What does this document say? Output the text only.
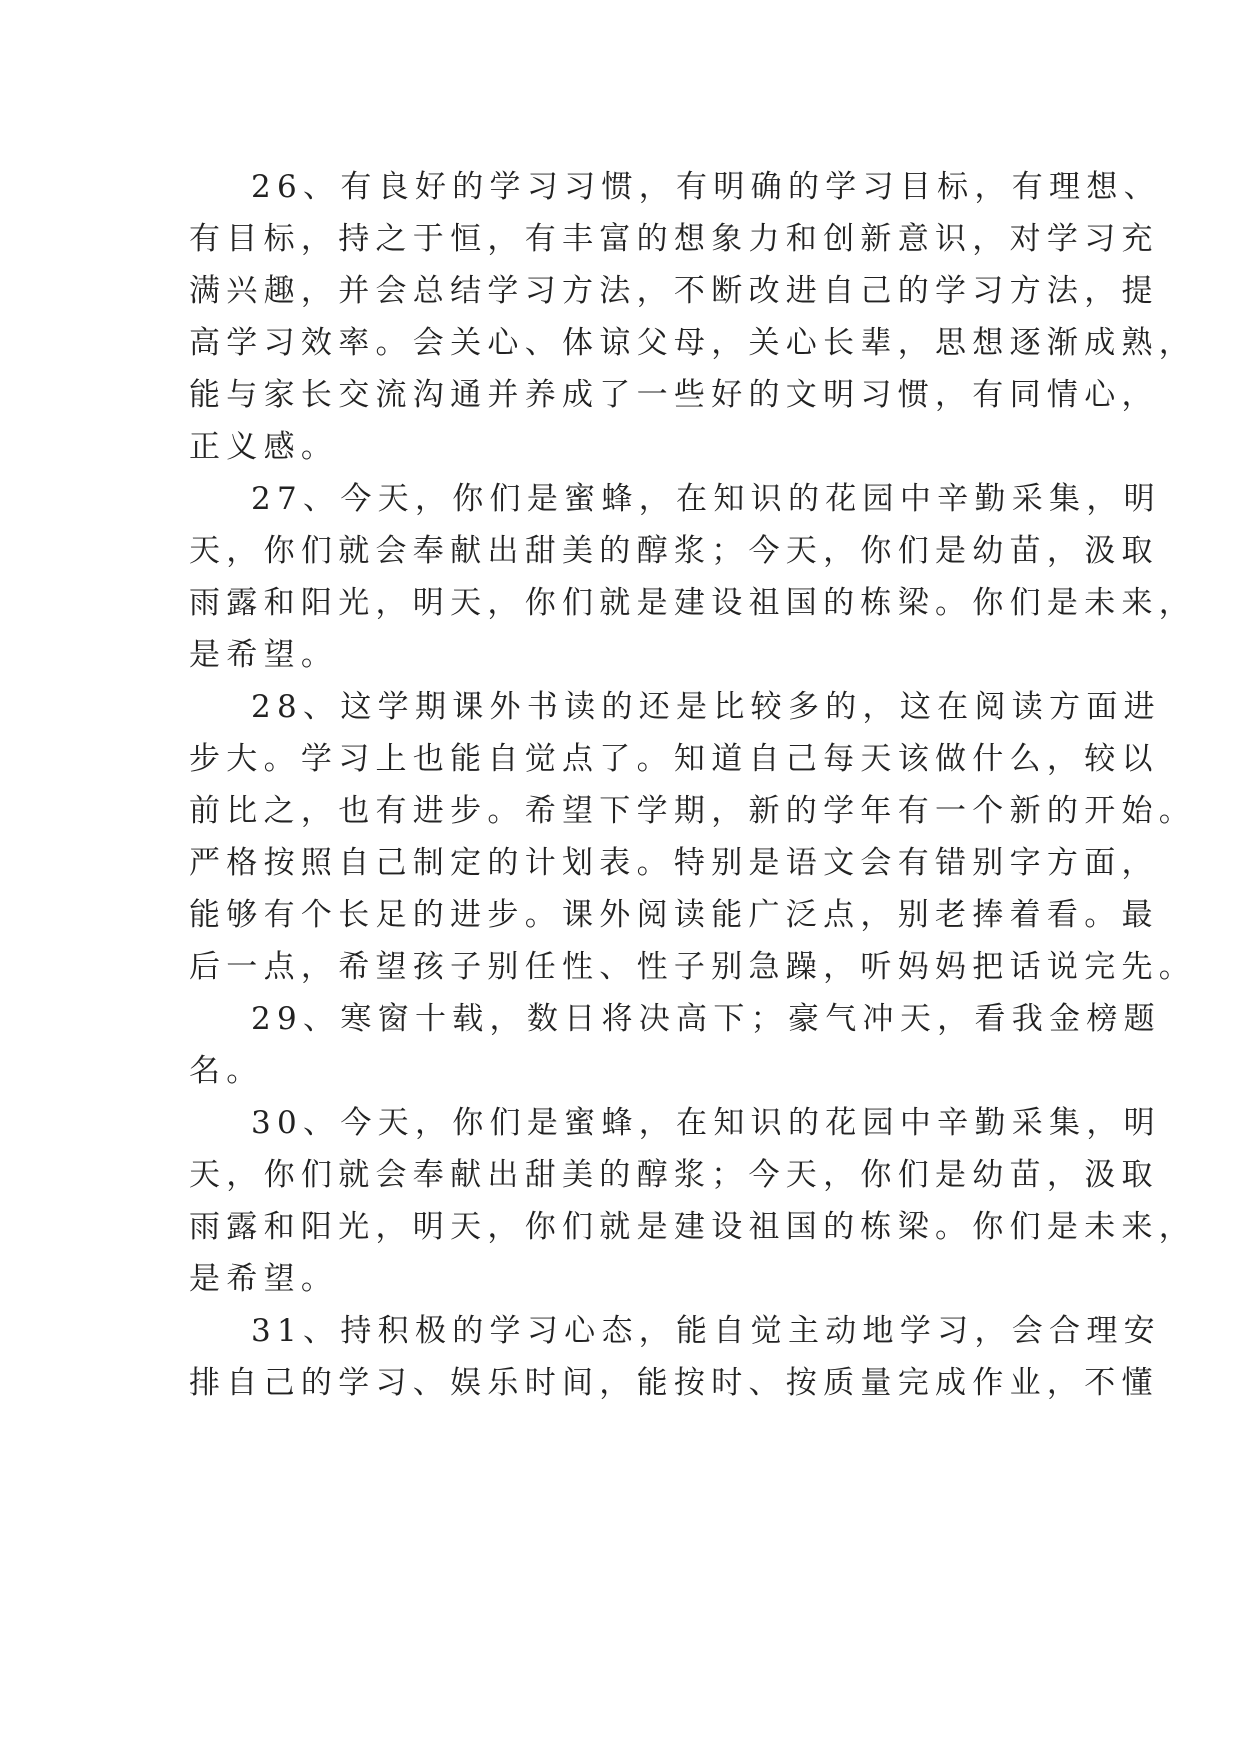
26、有良好的学习习惯，有明确的学习目标，有理想、
有目标，持之于恒，有丰富的想象力和创新意识，对学习充
满兴趣，并会总结学习方法，不断改进自己的学习方法，提
高学习效率。会关心、体谅父母，关心长辈，思想逐渐成熟，
能与家长交流沟通并养成了一些好的文明习惯，有同情心，
正义感。
27、今天，你们是蜜蜂，在知识的花园中辛勤采集，明
天，你们就会奉献出甜美的醇浆；今天，你们是幼苗，汲取
雨露和阳光，明天，你们就是建设祖国的栋梁。你们是未来，
是希望。
28、这学期课外书读的还是比较多的，这在阅读方面进
步大。学习上也能自觉点了。知道自己每天该做什么，较以
前比之，也有进步。希望下学期，新的学年有一个新的开始。
严格按照自己制定的计划表。特别是语文会有错别字方面，
能够有个长足的进步。课外阅读能广泛点，别老捧着看。最
后一点，希望孩子别任性、性子别急躁，听妈妈把话说完先。
29、寒窗十载，数日将决高下；豪气冲天，看我金榜题
名。
30、今天，你们是蜜蜂，在知识的花园中辛勤采集，明
天，你们就会奉献出甜美的醇浆；今天，你们是幼苗，汲取
雨露和阳光，明天，你们就是建设祖国的栋梁。你们是未来，
是希望。
31、持积极的学习心态，能自觉主动地学习，会合理安
排自己的学习、娱乐时间，能按时、按质量完成作业，不懂
